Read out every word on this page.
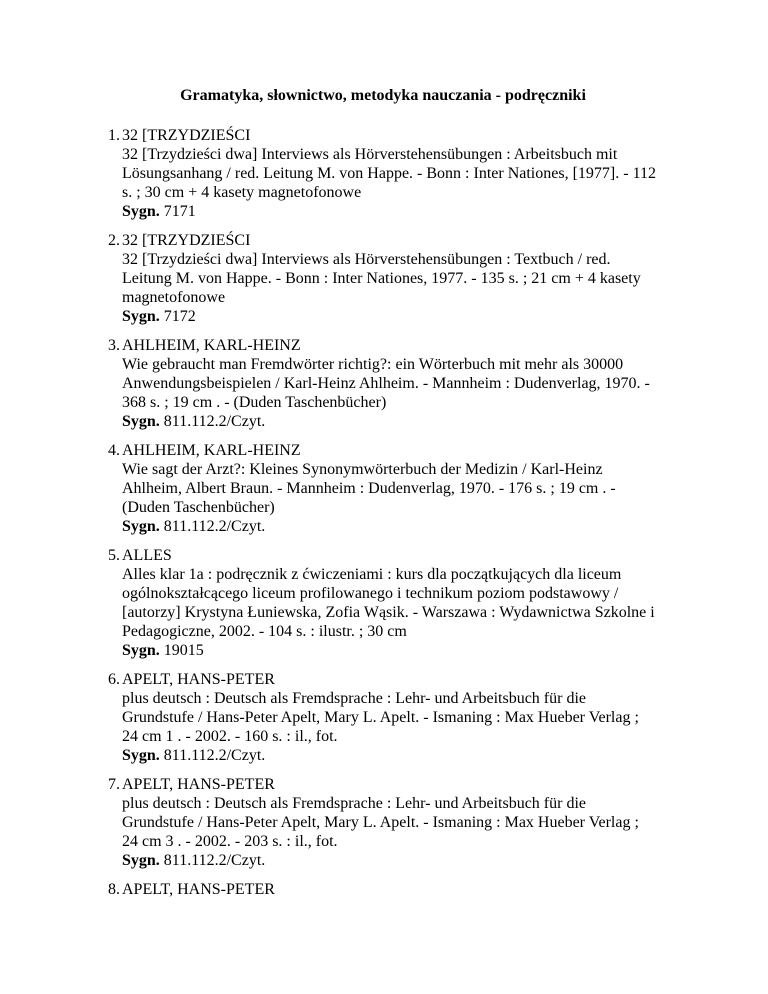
Gramatyka, słownictwo, metodyka nauczania - podręczniki
1. 32 [TRZYDZIEŚCI
32 [Trzydzieści dwa] Interviews als Hörverstehensübungen : Arbeitsbuch mit Lösungsanhang / red. Leitung M. von Happe. - Bonn : Inter Nationes, [1977]. - 112 s. ; 30 cm + 4 kasety magnetofonowe
Sygn. 7171
2. 32 [TRZYDZIEŚCI
32 [Trzydzieści dwa] Interviews als Hörverstehensübungen : Textbuch / red. Leitung M. von Happe. - Bonn : Inter Nationes, 1977. - 135 s. ; 21 cm + 4 kasety magnetofonowe
Sygn. 7172
3. AHLHEIM, KARL-HEINZ
Wie gebraucht man Fremdwörter richtig?: ein Wörterbuch mit mehr als 30000 Anwendungsbeispielen / Karl-Heinz Ahlheim. - Mannheim : Dudenverlag, 1970. - 368 s. ; 19 cm . - (Duden Taschenbücher)
Sygn. 811.112.2/Czyt.
4. AHLHEIM, KARL-HEINZ
Wie sagt der Arzt?: Kleines Synonymwörterbuch der Medizin / Karl-Heinz Ahlheim, Albert Braun. - Mannheim : Dudenverlag, 1970. - 176 s. ; 19 cm . - (Duden Taschenbücher)
Sygn. 811.112.2/Czyt.
5. ALLES
Alles klar 1a : podręcznik z ćwiczeniami : kurs dla początkujących dla liceum ogólnokształcącego liceum profilowanego i technikum poziom podstawowy / [autorzy] Krystyna Łuniewska, Zofia Wąsik. - Warszawa : Wydawnictwa Szkolne i Pedagogiczne, 2002. - 104 s. : ilustr. ; 30 cm
Sygn. 19015
6. APELT, HANS-PETER
plus deutsch : Deutsch als Fremdsprache : Lehr- und Arbeitsbuch für die Grundstufe / Hans-Peter Apelt, Mary L. Apelt. - Ismaning : Max Hueber Verlag ; 24 cm 1 . - 2002. - 160 s. : il., fot.
Sygn. 811.112.2/Czyt.
7. APELT, HANS-PETER
plus deutsch : Deutsch als Fremdsprache : Lehr- und Arbeitsbuch für die Grundstufe / Hans-Peter Apelt, Mary L. Apelt. - Ismaning : Max Hueber Verlag ; 24 cm 3 . - 2002. - 203 s. : il., fot.
Sygn. 811.112.2/Czyt.
8. APELT, HANS-PETER
